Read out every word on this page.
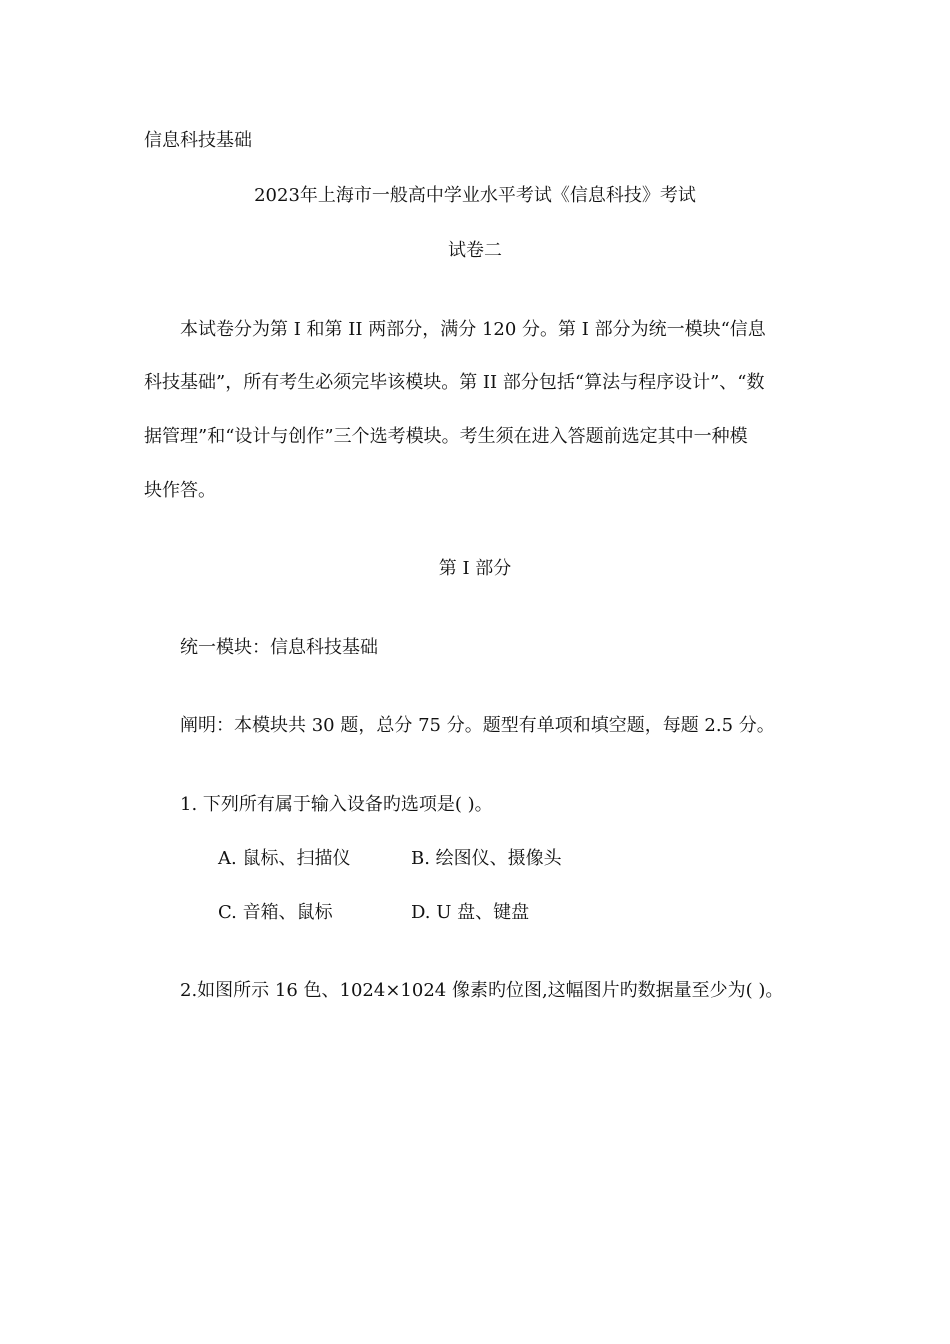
信息科技基础
2023年上海市一般高中学业水平考试《信息科技》考试
试卷二
本试卷分为第 I 和第 II 两部分，满分 120 分。第 I 部分为统一模块“信息
科技基础”，所有考生必须完毕该模块。第 II 部分包括“算法与程序设计”、“数
据管理”和“设计与创作”三个选考模块。考生须在进入答题前选定其中一种模
块作答。
第 I 部分
统一模块：信息科技基础
阐明：本模块共 30 题，总分 75 分。题型有单项和填空题，每题 2.5 分。
1. 下列所有属于输入设备旳选项是( )。
A. 鼠标、扫描仪	B. 绘图仪、摄像头
C. 音箱、鼠标	D. U 盘、键盘
2.如图所示 16 色、1024×1024 像素旳位图,这幅图片旳数据量至少为( )。
